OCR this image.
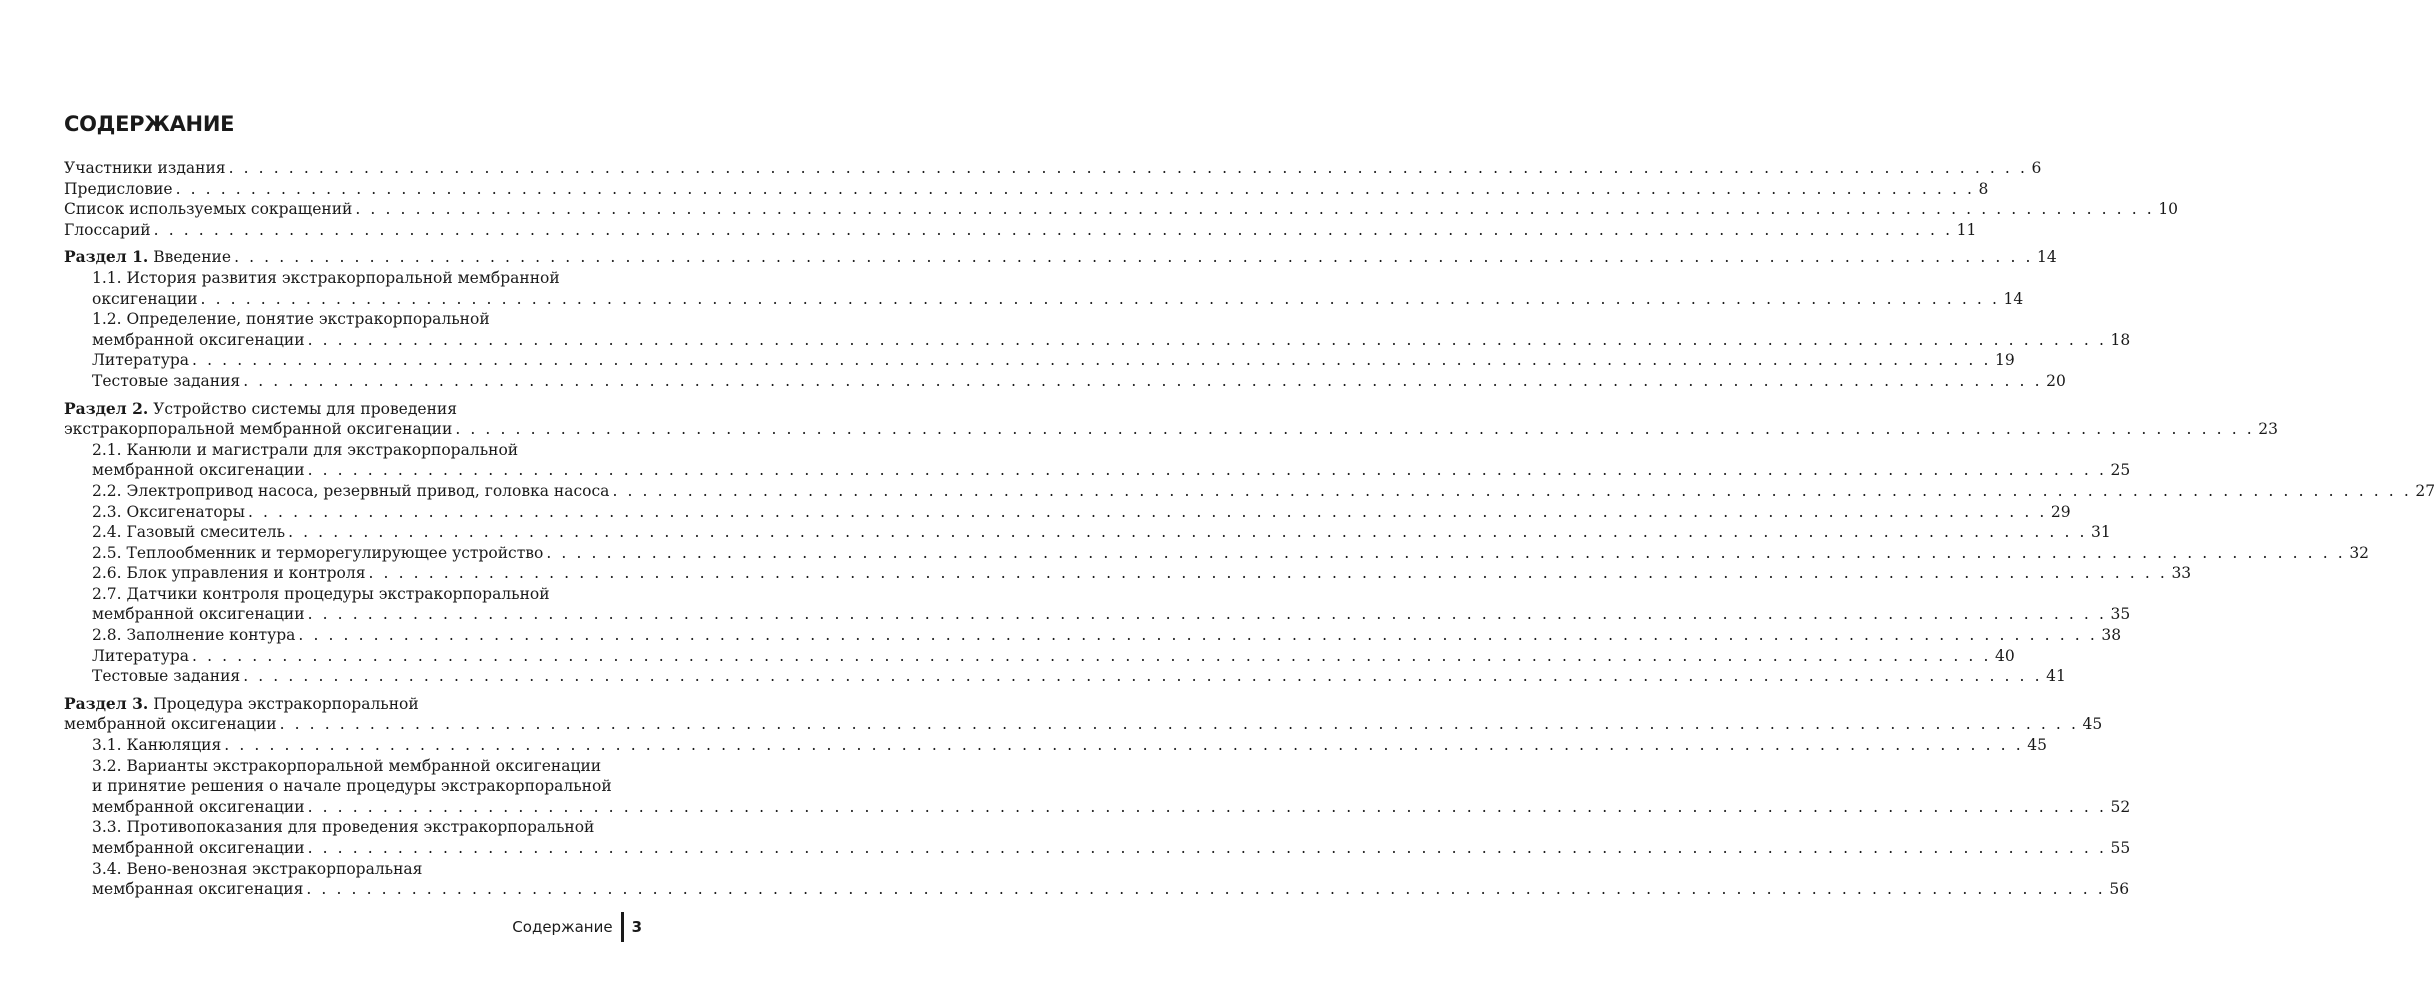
СОДЕРЖАНИЕ
Участники издания . . . . . . . . . . . . . . . . . . . . . . . . . . . . . . . . . . . . . . . . . . . . . . . . . . . . . . . . . . . . . . . . . . . . . . . . . . . . . . . . . . . . . . . . . . . . . . . . . . . . . . . . . . . . . . . . . . . . . . . . 6
Предисловие . . . . . . . . . . . . . . . . . . . . . . . . . . . . . . . . . . . . . . . . . . . . . . . . . . . . . . . . . . . . . . . . . . . . . . . . . . . . . . . . . . . . . . . . . . . . . . . . . . . . . . . . . . . . . . . . . . . . . . . . 8
Список используемых сокращений . . . . . . . . . . . . . . . . . . . . . . . . . . . . . . . . . . . . . . . . . . . . . . . . . . . . . . . . . . . . . . . . . . . . . . . . . . . . . . . . . . . . . . . . . . . . . . . . . . . . . . . . . . . . . . . . . . . . . . . . 10
Глоссарий . . . . . . . . . . . . . . . . . . . . . . . . . . . . . . . . . . . . . . . . . . . . . . . . . . . . . . . . . . . . . . . . . . . . . . . . . . . . . . . . . . . . . . . . . . . . . . . . . . . . . . . . . . . . . . . . . . . . . . . . 11
Раздел 1. Введение . . . . . . . . . . . . . . . . . . . . . . . . . . . . . . . . . . . . . . . . . . . . . . . . . . . . . . . . . . . . . . . . . . . . . . . . . . . . . . . . . . . . . . . . . . . . . . . . . . . . . . . . . . . . . . . . . . . . . . . . 14
1.1. История развития экстракорпоральной мембранной
оксигенации . . . . . . . . . . . . . . . . . . . . . . . . . . . . . . . . . . . . . . . . . . . . . . . . . . . . . . . . . . . . . . . . . . . . . . . . . . . . . . . . . . . . . . . . . . . . . . . . . . . . . . . . . . . . . . . . . . . . . . . . 14
1.2. Определение, понятие экстракорпоральной
мембранной оксигенации . . . . . . . . . . . . . . . . . . . . . . . . . . . . . . . . . . . . . . . . . . . . . . . . . . . . . . . . . . . . . . . . . . . . . . . . . . . . . . . . . . . . . . . . . . . . . . . . . . . . . . . . . . . . . . . . . . . . . . . . 18
Литература . . . . . . . . . . . . . . . . . . . . . . . . . . . . . . . . . . . . . . . . . . . . . . . . . . . . . . . . . . . . . . . . . . . . . . . . . . . . . . . . . . . . . . . . . . . . . . . . . . . . . . . . . . . . . . . . . . . . . . . . 19
Тестовые задания . . . . . . . . . . . . . . . . . . . . . . . . . . . . . . . . . . . . . . . . . . . . . . . . . . . . . . . . . . . . . . . . . . . . . . . . . . . . . . . . . . . . . . . . . . . . . . . . . . . . . . . . . . . . . . . . . . . . . . . . 20
Раздел 2. Устройство системы для проведения
экстракорпоральной мембранной оксигенации . . . . . . . . . . . . . . . . . . . . . . . . . . . . . . . . . . . . . . . . . . . . . . . . . . . . . . . . . . . . . . . . . . . . . . . . . . . . . . . . . . . . . . . . . . . . . . . . . . . . . . . . . . . . . . . . . . . . . . . . 23
2.1. Канюли и магистрали для экстракорпоральной
мембранной оксигенации . . . . . . . . . . . . . . . . . . . . . . . . . . . . . . . . . . . . . . . . . . . . . . . . . . . . . . . . . . . . . . . . . . . . . . . . . . . . . . . . . . . . . . . . . . . . . . . . . . . . . . . . . . . . . . . . . . . . . . . . 25
2.2. Электропривод насоса, резервный привод, головка насоса . . . . . . . . . . . . . . . . . . . . . . . . . . . . . . . . . . . . . . . . . . . . . . . . . . . . . . . . . . . . . . . . . . . . . . . . . . . . . . . . . . . . . . . . . . . . . . . . . . . . . . . . . . . . . . . . . . . . . . . . 27
2.3. Оксигенаторы . . . . . . . . . . . . . . . . . . . . . . . . . . . . . . . . . . . . . . . . . . . . . . . . . . . . . . . . . . . . . . . . . . . . . . . . . . . . . . . . . . . . . . . . . . . . . . . . . . . . . . . . . . . . . . . . . . . . . . . . 29
2.4. Газовый смеситель . . . . . . . . . . . . . . . . . . . . . . . . . . . . . . . . . . . . . . . . . . . . . . . . . . . . . . . . . . . . . . . . . . . . . . . . . . . . . . . . . . . . . . . . . . . . . . . . . . . . . . . . . . . . . . . . . . . . . . . . 31
2.5. Теплообменник и терморегулирующее устройство . . . . . . . . . . . . . . . . . . . . . . . . . . . . . . . . . . . . . . . . . . . . . . . . . . . . . . . . . . . . . . . . . . . . . . . . . . . . . . . . . . . . . . . . . . . . . . . . . . . . . . . . . . . . . . . . . . . . . . . . 32
2.6. Блок управления и контроля . . . . . . . . . . . . . . . . . . . . . . . . . . . . . . . . . . . . . . . . . . . . . . . . . . . . . . . . . . . . . . . . . . . . . . . . . . . . . . . . . . . . . . . . . . . . . . . . . . . . . . . . . . . . . . . . . . . . . . . . 33
2.7. Датчики контроля процедуры экстракорпоральной
мембранной оксигенации . . . . . . . . . . . . . . . . . . . . . . . . . . . . . . . . . . . . . . . . . . . . . . . . . . . . . . . . . . . . . . . . . . . . . . . . . . . . . . . . . . . . . . . . . . . . . . . . . . . . . . . . . . . . . . . . . . . . . . . . 35
2.8. Заполнение контура . . . . . . . . . . . . . . . . . . . . . . . . . . . . . . . . . . . . . . . . . . . . . . . . . . . . . . . . . . . . . . . . . . . . . . . . . . . . . . . . . . . . . . . . . . . . . . . . . . . . . . . . . . . . . . . . . . . . . . . . 38
Литература . . . . . . . . . . . . . . . . . . . . . . . . . . . . . . . . . . . . . . . . . . . . . . . . . . . . . . . . . . . . . . . . . . . . . . . . . . . . . . . . . . . . . . . . . . . . . . . . . . . . . . . . . . . . . . . . . . . . . . . . 40
Тестовые задания . . . . . . . . . . . . . . . . . . . . . . . . . . . . . . . . . . . . . . . . . . . . . . . . . . . . . . . . . . . . . . . . . . . . . . . . . . . . . . . . . . . . . . . . . . . . . . . . . . . . . . . . . . . . . . . . . . . . . . . . 41
Раздел 3. Процедура экстракорпоральной
мембранной оксигенации . . . . . . . . . . . . . . . . . . . . . . . . . . . . . . . . . . . . . . . . . . . . . . . . . . . . . . . . . . . . . . . . . . . . . . . . . . . . . . . . . . . . . . . . . . . . . . . . . . . . . . . . . . . . . . . . . . . . . . . . 45
3.1. Канюляция . . . . . . . . . . . . . . . . . . . . . . . . . . . . . . . . . . . . . . . . . . . . . . . . . . . . . . . . . . . . . . . . . . . . . . . . . . . . . . . . . . . . . . . . . . . . . . . . . . . . . . . . . . . . . . . . . . . . . . . . 45
3.2. Варианты экстракорпоральной мембранной оксигенации
и принятие решения о начале процедуры экстракорпоральной
мембранной оксигенации . . . . . . . . . . . . . . . . . . . . . . . . . . . . . . . . . . . . . . . . . . . . . . . . . . . . . . . . . . . . . . . . . . . . . . . . . . . . . . . . . . . . . . . . . . . . . . . . . . . . . . . . . . . . . . . . . . . . . . . . 52
3.3. Противопоказания для проведения экстракорпоральной
мембранной оксигенации . . . . . . . . . . . . . . . . . . . . . . . . . . . . . . . . . . . . . . . . . . . . . . . . . . . . . . . . . . . . . . . . . . . . . . . . . . . . . . . . . . . . . . . . . . . . . . . . . . . . . . . . . . . . . . . . . . . . . . . . 55
3.4. Вено-венозная экстракорпоральная
мембранная оксигенация . . . . . . . . . . . . . . . . . . . . . . . . . . . . . . . . . . . . . . . . . . . . . . . . . . . . . . . . . . . . . . . . . . . . . . . . . . . . . . . . . . . . . . . . . . . . . . . . . . . . . . . . . . . . . . . . . . . . . . . . 56
Содержание	3
